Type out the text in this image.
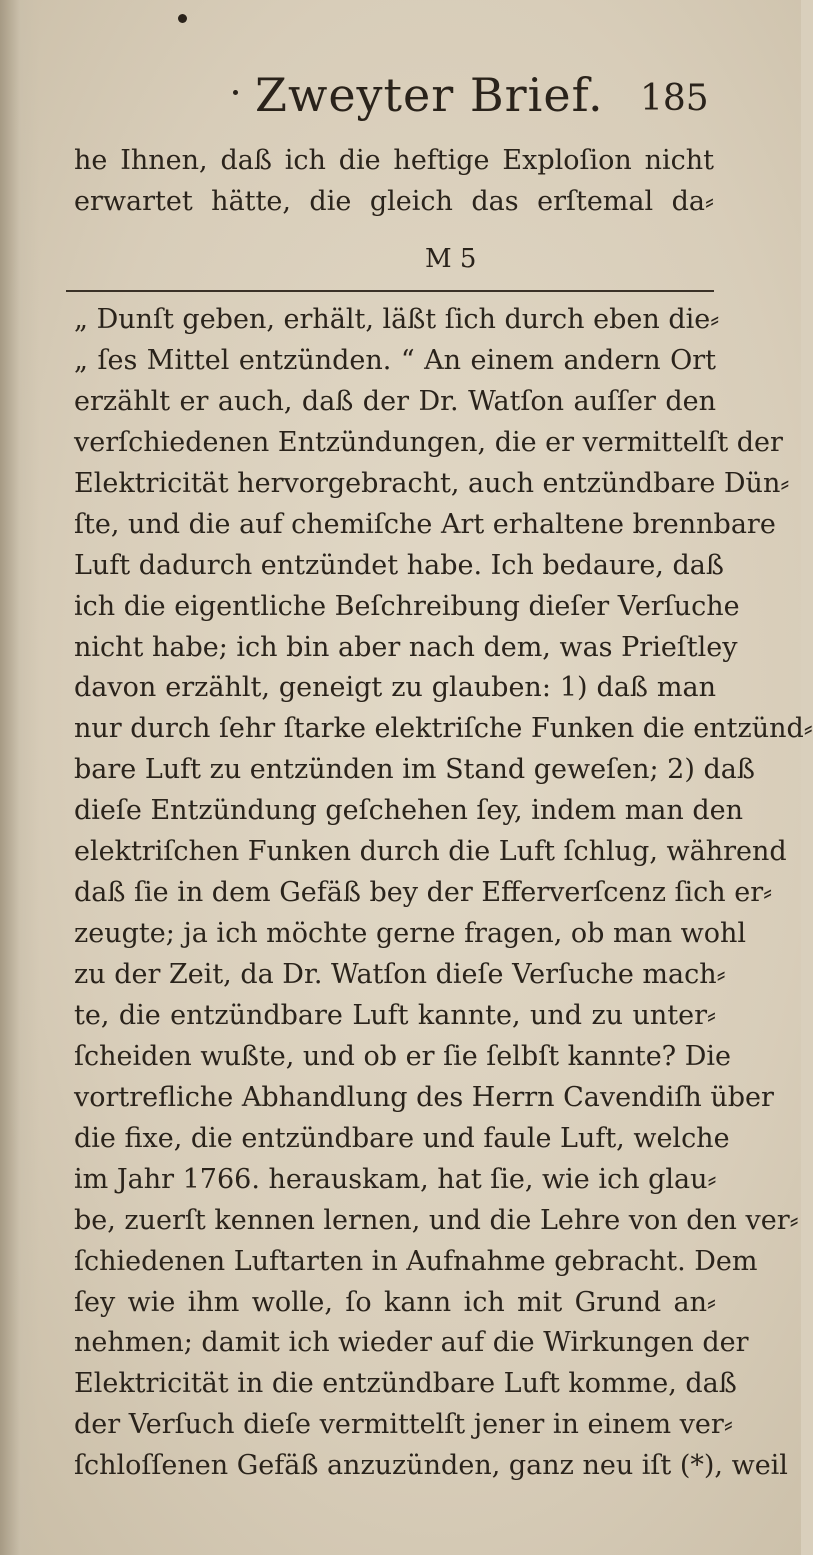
Zweyter Brief. 185
he Ihnen, daß ich die heftige Exploſion nicht
erwartet hätte, die gleich das erſtemal da⸗
M 5
„ Dunſt geben, erhält, läßt ſich durch eben die⸗
„ ſes Mittel entzünden. “ An einem andern Ort
erzählt er auch, daß der Dr. Watſon auſſer den
verſchiedenen Entzündungen, die er vermittelſt der
Elektricität hervorgebracht, auch entzündbare Dün⸗
ſte, und die auf chemiſche Art erhaltene brennbare
Luft dadurch entzündet habe. Ich bedaure, daß
ich die eigentliche Beſchreibung dieſer Verſuche
nicht habe; ich bin aber nach dem, was Prieſtley
davon erzählt, geneigt zu glauben: 1) daß man
nur durch ſehr ſtarke elektriſche Funken die entzünd⸗
bare Luft zu entzünden im Stand geweſen; 2) daß
dieſe Entzündung geſchehen ſey, indem man den
elektriſchen Funken durch die Luft ſchlug, während
daß ſie in dem Gefäß bey der Efferverſcenz ſich er⸗
zeugte; ja ich möchte gerne fragen, ob man wohl
zu der Zeit, da Dr. Watſon dieſe Verſuche mach⸗
te, die entzündbare Luft kannte, und zu unter⸗
ſcheiden wußte, und ob er ſie ſelbſt kannte? Die
vortrefliche Abhandlung des Herrn Cavendiſh über
die fixe, die entzündbare und faule Luft, welche
im Jahr 1766. herauskam, hat ſie, wie ich glau⸗
be, zuerſt kennen lernen, und die Lehre von den ver⸗
ſchiedenen Luftarten in Aufnahme gebracht. Dem
ſey wie ihm wolle, ſo kann ich mit Grund an⸗
nehmen; damit ich wieder auf die Wirkungen der
Elektricität in die entzündbare Luft komme, daß
der Verſuch dieſe vermittelſt jener in einem ver⸗
ſchloſſenen Gefäß anzuzünden, ganz neu iſt (*), weil
